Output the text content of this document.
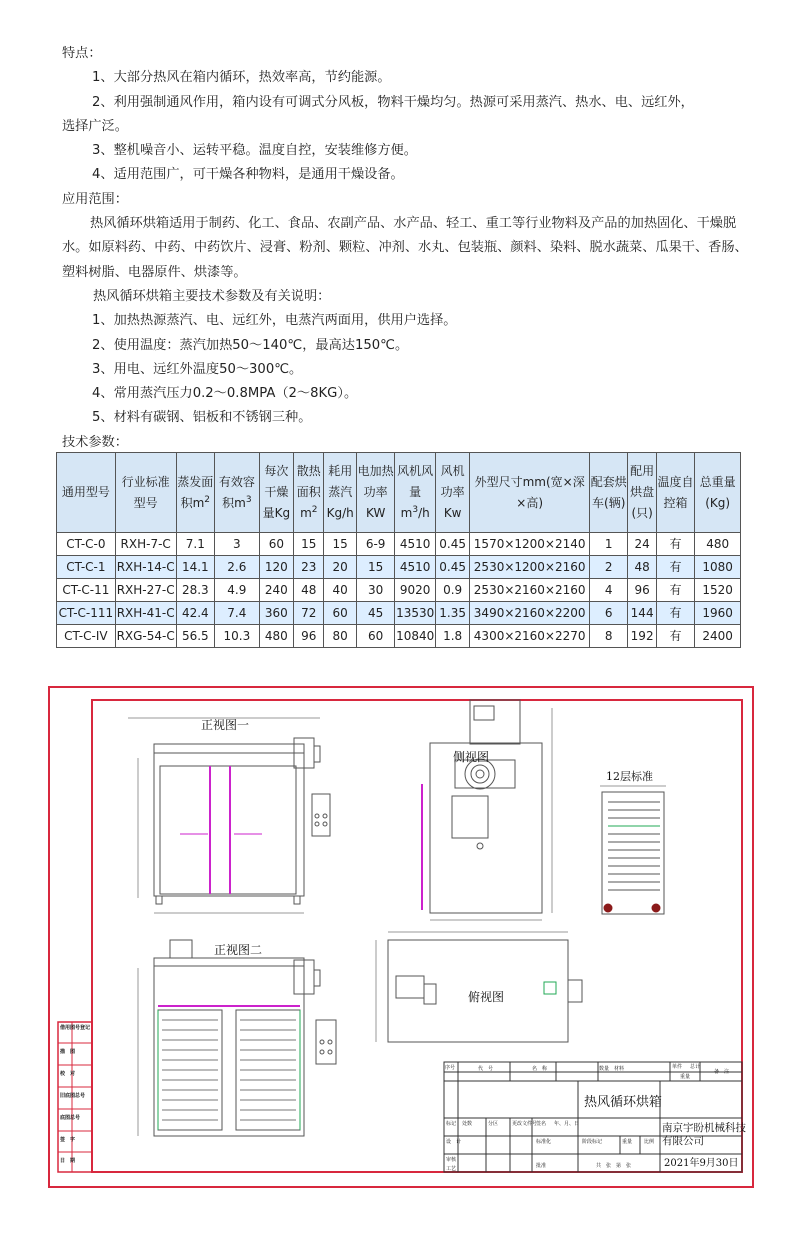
特点：

1、大部分热风在箱内循环，热效率高，节约能源。

2、利用强制通风作用，箱内设有可调式分风板，物料干燥均匀。热源可采用蒸汽、热水、电、远红外，

选择广泛。

3、整机噪音小、运转平稳。温度自控，安装维修方便。

4、适用范围广，可干燥各种物料，是通用干燥设备。

应用范围：

热风循环烘箱适用于制药、化工、食品、农副产品、水产品、轻工、重工等行业物料及产品的加热固化、干燥脱水。如原料药、中药、中药饮片、浸膏、粉剂、颗粒、冲剂、水丸、包装瓶、颜料、染料、脱水蔬菜、瓜果干、香肠、塑料树脂、电器原件、烘漆等。

热风循环烘箱主要技术参数及有关说明：

1、加热热源蒸汽、电、远红外，电蒸汽两面用，供用户选择。

2、使用温度：蒸汽加热50～140℃，最高达150℃。

3、用电、远红外温度50～300℃。

4、常用蒸汽压力0.2～0.8MPA（2～8KG）。

5、材料有碳钢、铝板和不锈钢三种。

技术参数：

通用型号	行业标准型号	蒸发面积$m^2$	有效容积$m^3$	每次干燥量Kg	散热面积$m^2$	耗用蒸汽Kg/h	电加热功率KW	风机风量$m^3/h$	风机功率Kw	外型尺寸mm(宽×深×高)	配套烘车(辆)	配用烘盘(只)	温度自控箱	总重量(Kg)
CT-C-0	RXH-7-C	7.1	3	60	15	15	6-9	4510	0.45	1570×1200×2140	1	24	有	480
CT-C-1	RXH-14-C	14.1	2.6	120	23	20	15	4510	0.45	2530×1200×2160	2	48	有	1080
CT-C-11	RXH-27-C	28.3	4.9	240	48	40	30	9020	0.9	2530×2160×2160	4	96	有	1520
CT-C-111	RXH-41-C	42.4	7.4	360	72	60	45	13530	1.35	3490×2160×2200	6	144	有	1960
CT-C-IV	RXG-54-C	56.5	10.3	480	96	80	60	10840	1.8	4300×2160×2270	8	192	有	2400
正视图一
侧视图
12层标准
正视图二
俯视图
热风循环烘箱
南京宇盼机械科技
有限公司
2021年9月30日
借用图号登记
描　图
校　对
旧底图总号
底图总号
签　字
日　期
序号	代　号	名　称	材料
数量	单件 总计
重量
备　注
标记 处数	分区	更改文件号
签名 年、月、日
设　计	标准化	阶段标记	重量 比例
审核
工艺	批准	共　张　第　张
